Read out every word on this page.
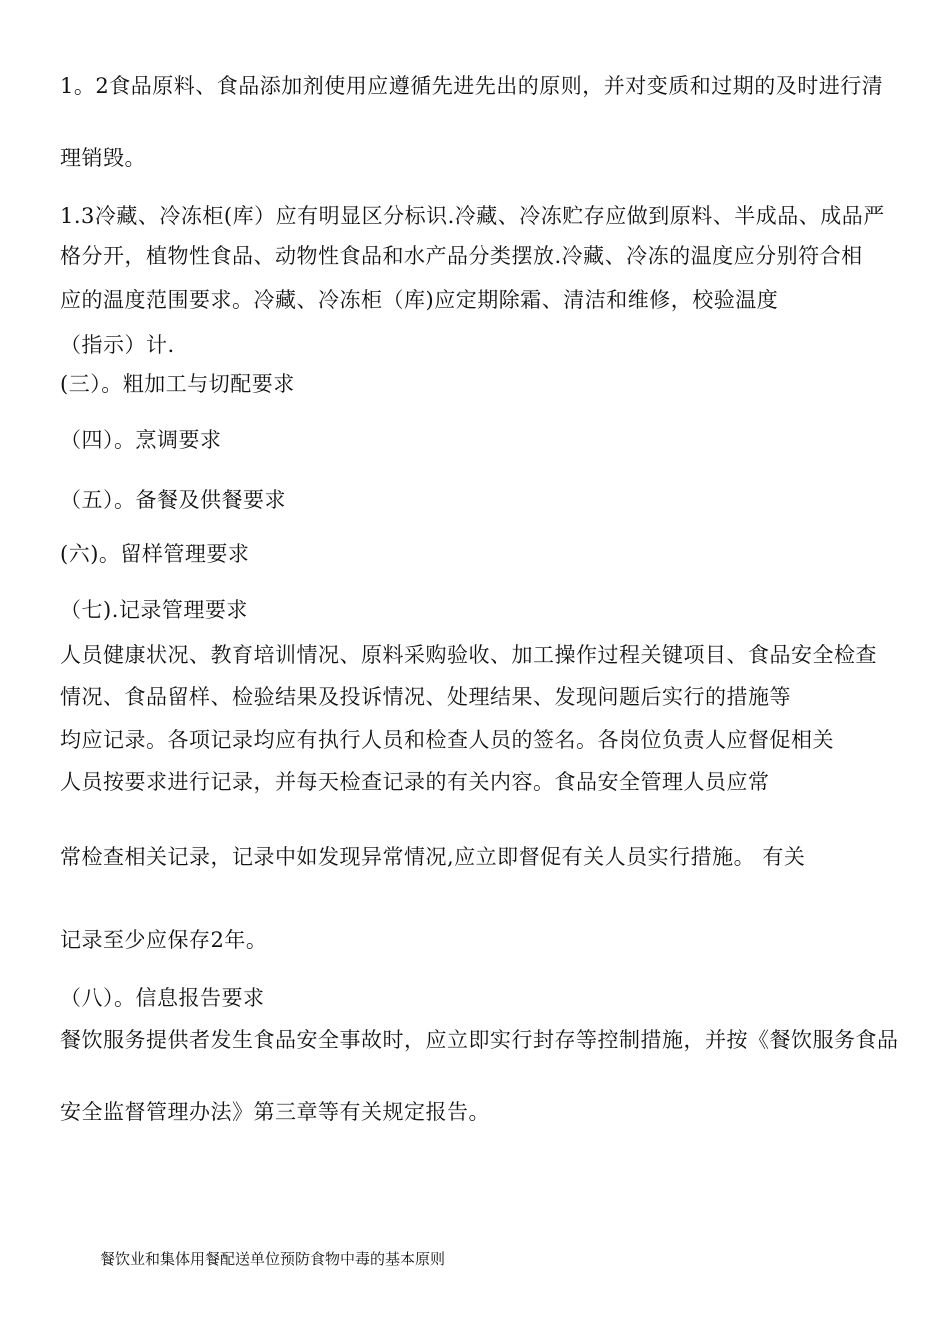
1。2食品原料、食品添加剂使用应遵循先进先出的原则，并对变质和过期的及时进行清

理销毁。

1.3冷藏、冷冻柜(库）应有明显区分标识.冷藏、冷冻贮存应做到原料、半成品、成品严

格分开，植物性食品、动物性食品和水产品分类摆放.冷藏、冷冻的温度应分别符合相

应的温度范围要求。冷藏、冷冻柜（库)应定期除霜、清洁和维修，校验温度

（指示）计.

(三）。粗加工与切配要求

（四）。烹调要求

（五）。备餐及供餐要求

(六)。留样管理要求

（七).记录管理要求

人员健康状况、教育培训情况、原料采购验收、加工操作过程关键项目、食品安全检查

情况、食品留样、检验结果及投诉情况、处理结果、发现问题后实行的措施等

均应记录。各项记录均应有执行人员和检查人员的签名。各岗位负责人应督促相关

人员按要求进行记录，并每天检查记录的有关内容。食品安全管理人员应常

常检查相关记录，记录中如发现异常情况,应立即督促有关人员实行措施。 有关

记录至少应保存2年。

（八）。信息报告要求

餐饮服务提供者发生食品安全事故时，应立即实行封存等控制措施，并按《餐饮服务食品

安全监督管理办法》第三章等有关规定报告。

餐饮业和集体用餐配送单位预防食物中毒的基本原则
